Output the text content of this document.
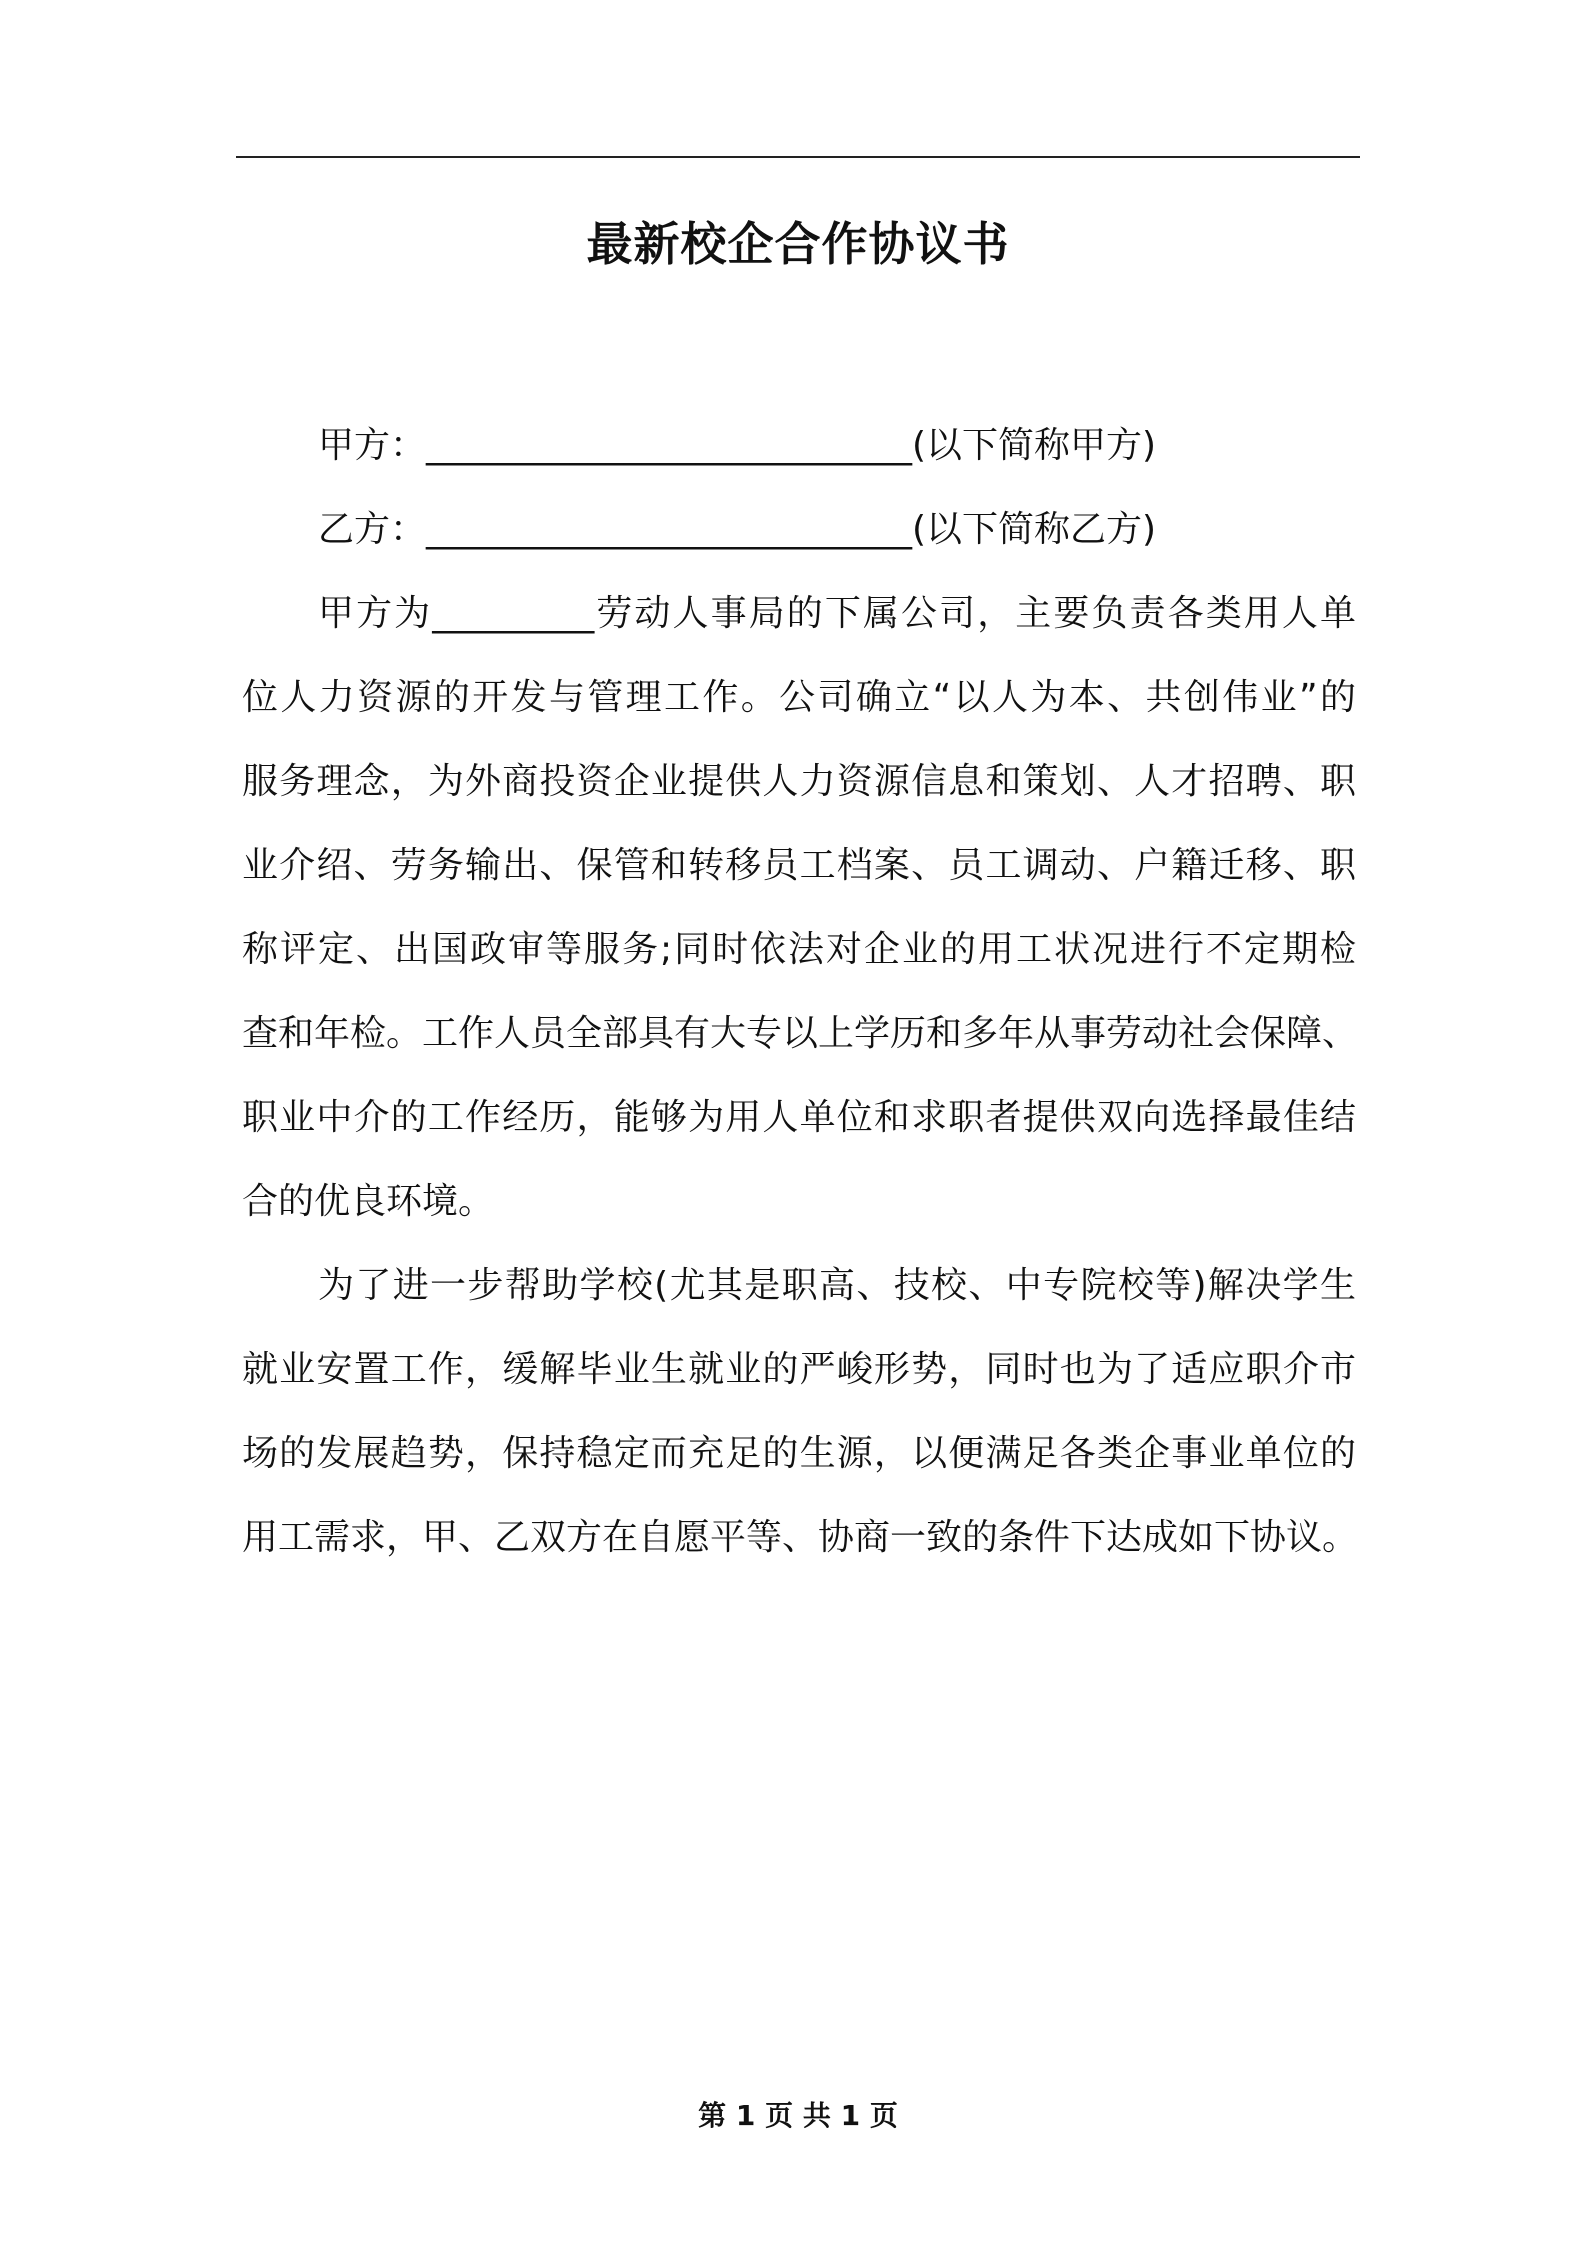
最新校企合作协议书

甲方：___________________________(以下简称甲方)

乙方：___________________________(以下简称乙方)

甲方为_________劳动人事局的下属公司，主要负责各类用人单

位人力资源的开发与管理工作。公司确立“以人为本、共创伟业”的

服务理念，为外商投资企业提供人力资源信息和策划、人才招聘、职

业介绍、劳务输出、保管和转移员工档案、员工调动、户籍迁移、职

称评定、出国政审等服务;同时依法对企业的用工状况进行不定期检

查和年检。工作人员全部具有大专以上学历和多年从事劳动社会保障、

职业中介的工作经历，能够为用人单位和求职者提供双向选择最佳结

合的优良环境。

为了进一步帮助学校(尤其是职高、技校、中专院校等)解决学生

就业安置工作，缓解毕业生就业的严峻形势，同时也为了适应职介市

场的发展趋势，保持稳定而充足的生源，以便满足各类企事业单位的

用工需求，甲、乙双方在自愿平等、协商一致的条件下达成如下协议。

第 1 页 共 1 页
